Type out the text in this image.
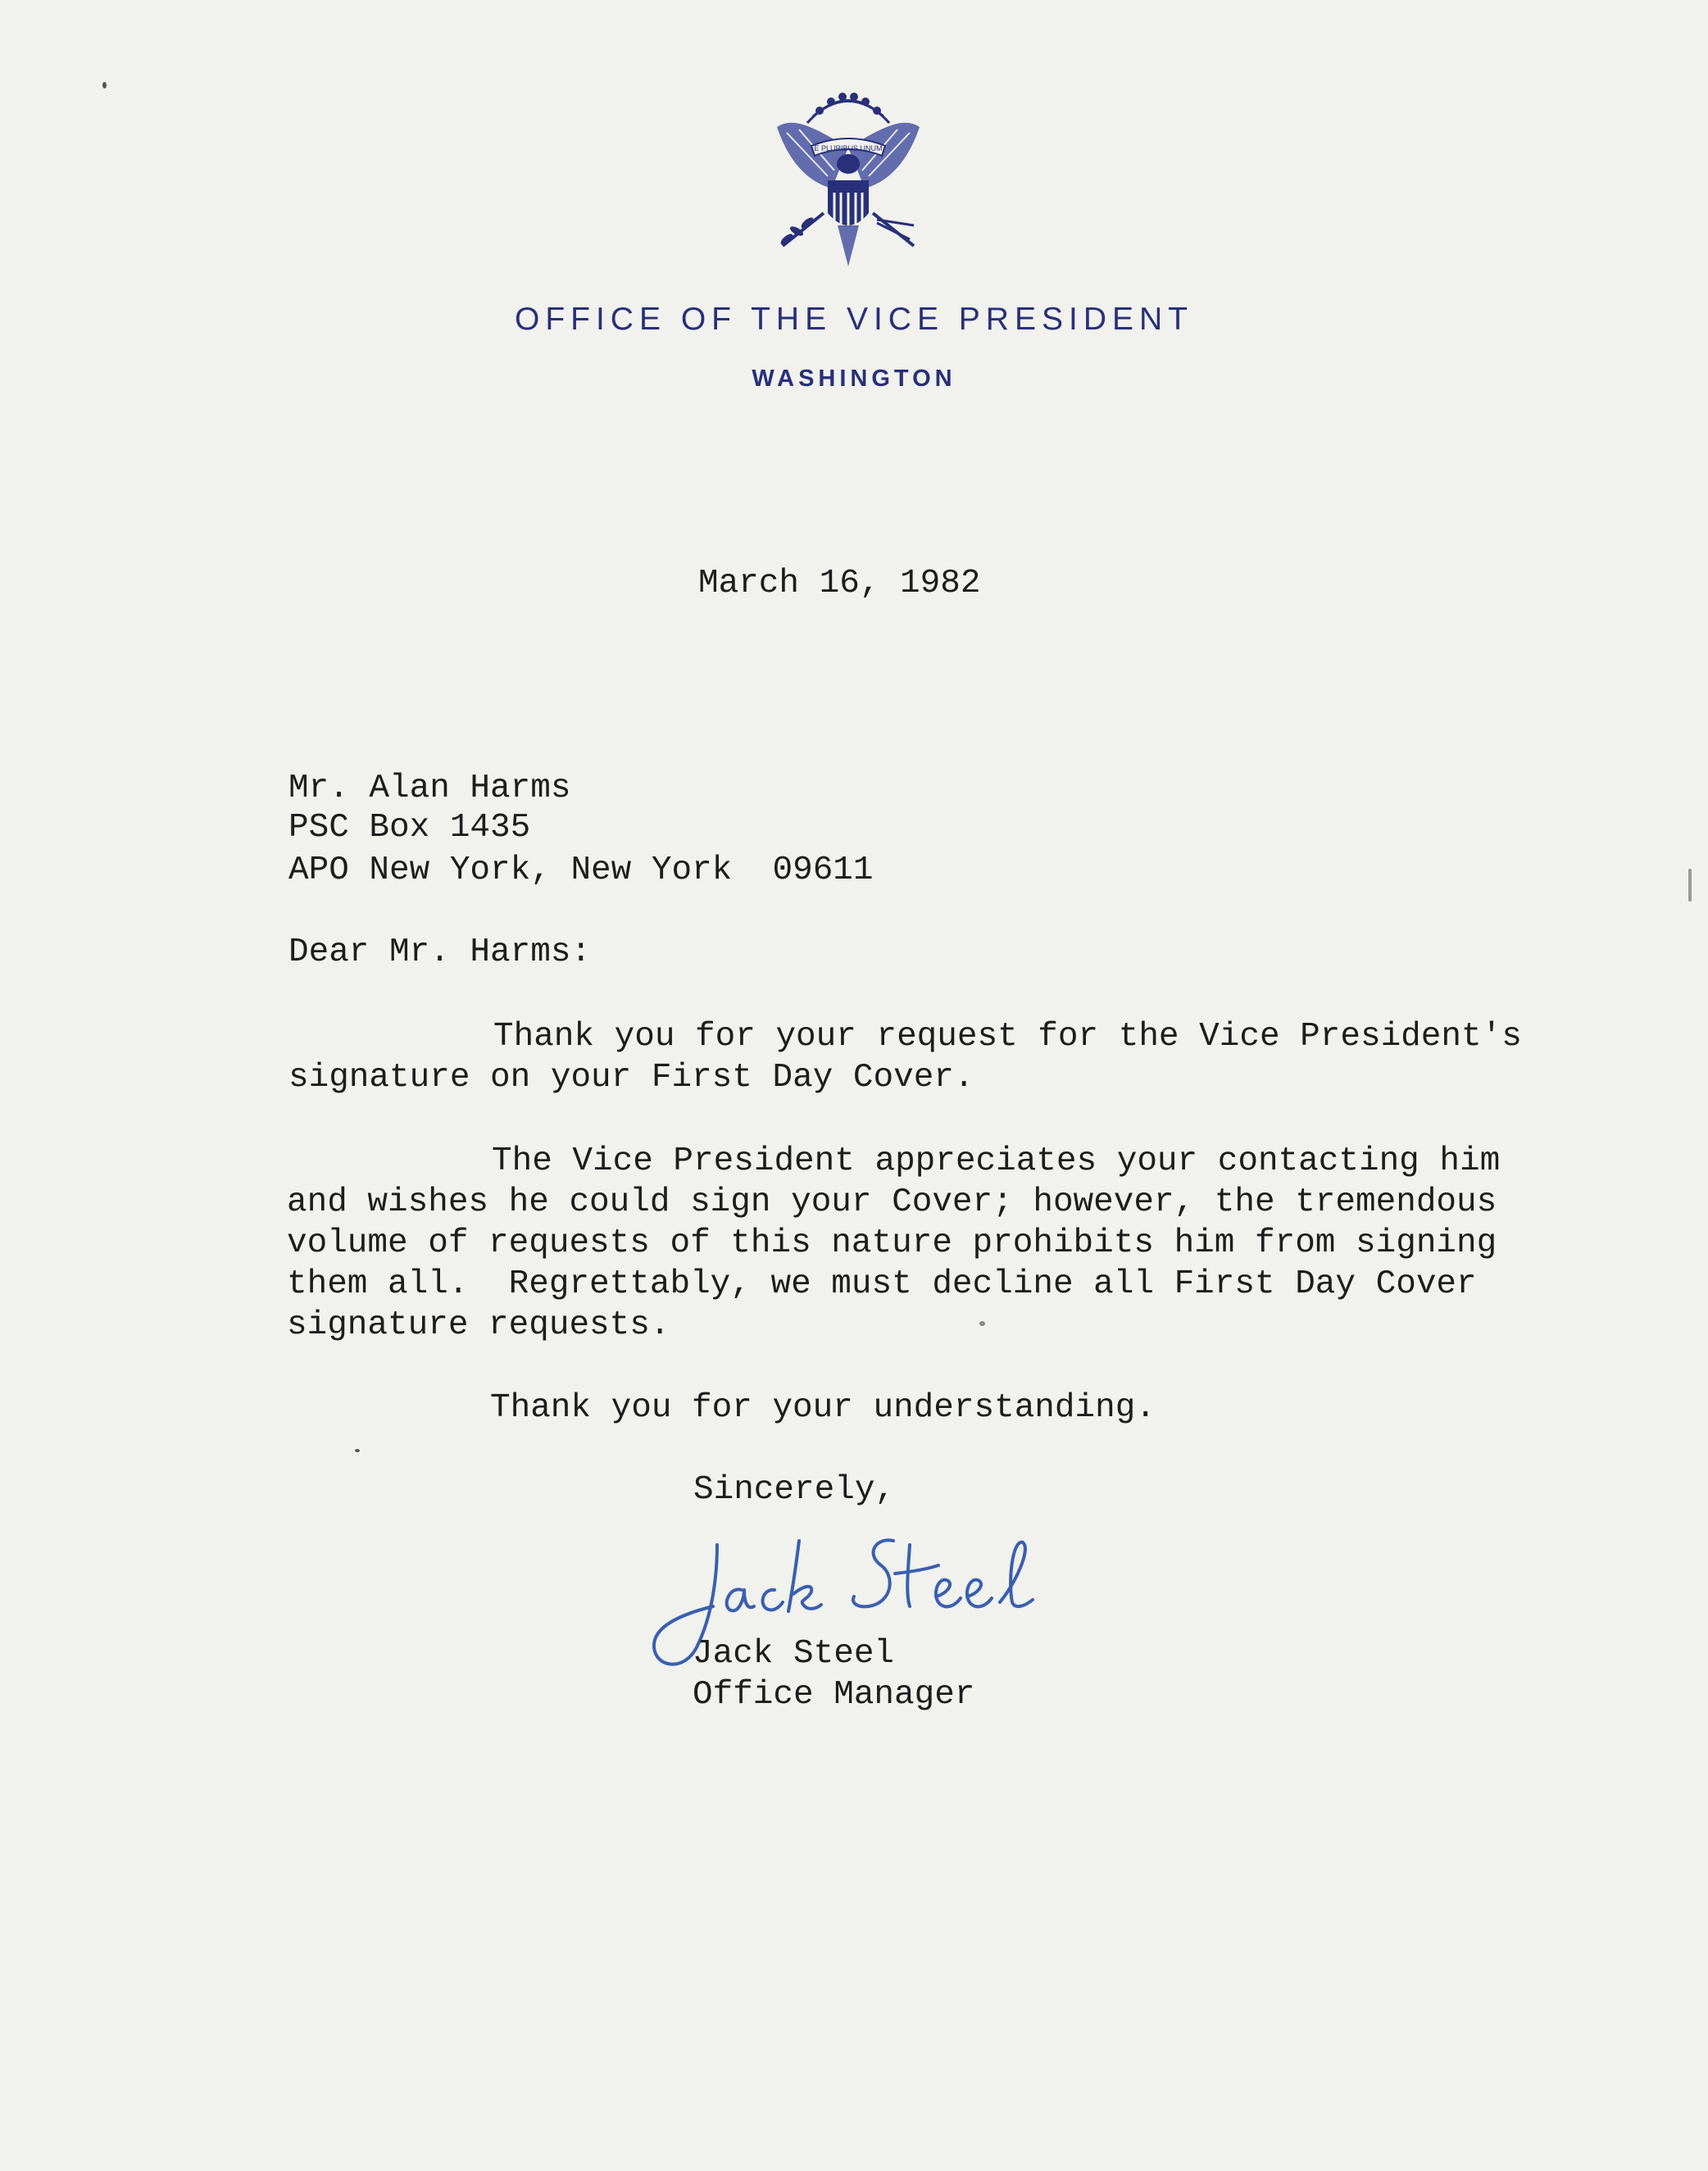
E PLURIBUS UNUM
OFFICE OF THE VICE PRESIDENT
WASHINGTON
March 16, 1982
Mr. Alan Harms
PSC Box 1435
APO New York, New York  09611
Dear Mr. Harms:
Thank you for your request for the Vice President's
signature on your First Day Cover.
The Vice President appreciates your contacting him
and wishes he could sign your Cover; however, the tremendous
volume of requests of this nature prohibits him from signing
them all.  Regrettably, we must decline all First Day Cover
signature requests.
Thank you for your understanding.
Sincerely,
Jack Steel
Office Manager
